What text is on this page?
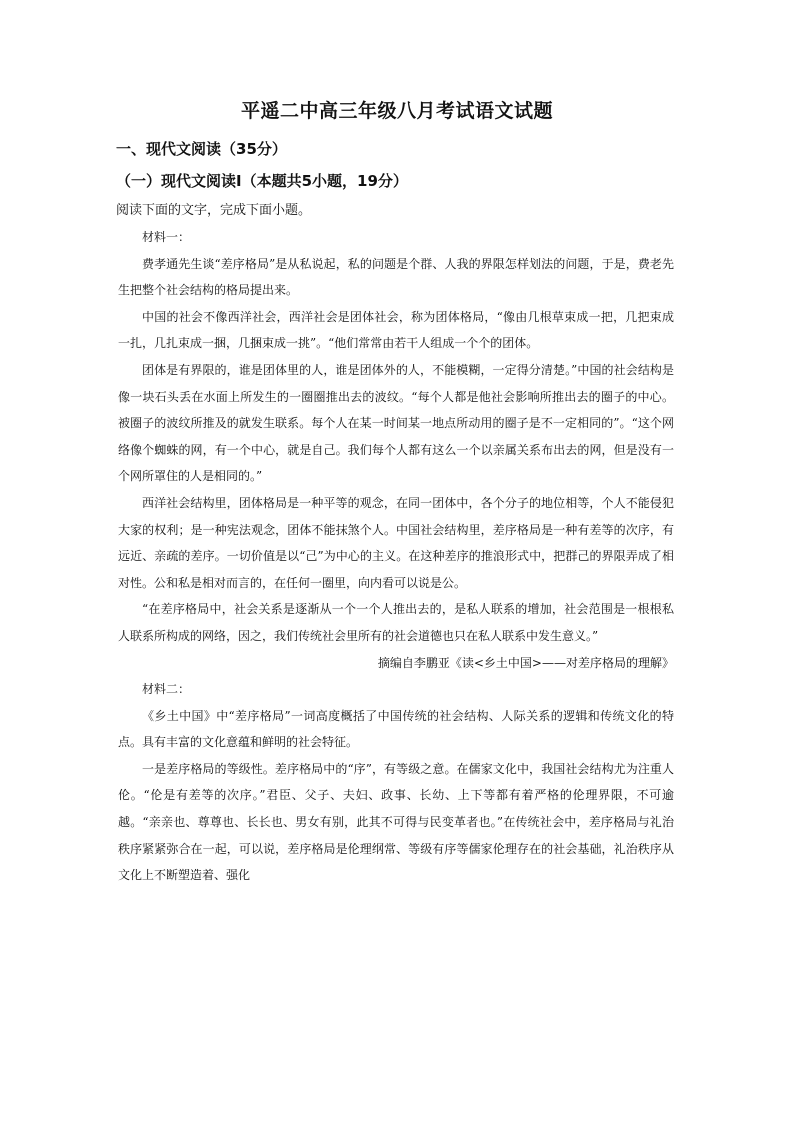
平遥二中高三年级八月考试语文试题
一、现代文阅读（35分）
（一）现代文阅读Ⅰ（本题共5小题，19分）
阅读下面的文字，完成下面小题。

材料一：

费孝通先生谈“差序格局”是从私说起，私的问题是个群、人我的界限怎样划法的问题，于是，费老先生把整个社会结构的格局提出来。

中国的社会不像西洋社会，西洋社会是团体社会，称为团体格局，“像由几根草束成一把，几把束成一扎，几扎束成一捆，几捆束成一挑”。“他们常常由若干人组成一个个的团体。

团体是有界限的，谁是团体里的人，谁是团体外的人，不能模糊，一定得分清楚。”中国的社会结构是像一块石头丢在水面上所发生的一圈圈推出去的波纹。“每个人都是他社会影响所推出去的圈子的中心。被圈子的波纹所推及的就发生联系。每个人在某一时间某一地点所动用的圈子是不一定相同的”。“这个网络像个蜘蛛的网，有一个中心，就是自己。我们每个人都有这么一个以亲属关系布出去的网，但是没有一个网所罩住的人是相同的。”

西洋社会结构里，团体格局是一种平等的观念，在同一团体中，各个分子的地位相等，个人不能侵犯大家的权利；是一种宪法观念，团体不能抹煞个人。中国社会结构里，差序格局是一种有差等的次序，有远近、亲疏的差序。一切价值是以“己”为中心的主义。在这种差序的推浪形式中，把群己的界限弄成了相对性。公和私是相对而言的，在任何一圈里，向内看可以说是公。

“在差序格局中，社会关系是逐渐从一个一个人推出去的，是私人联系的增加，社会范围是一根根私人联系所构成的网络，因之，我们传统社会里所有的社会道德也只在私人联系中发生意义。”

摘编自李鹏亚《读<乡土中国>——对差序格局的理解》

材料二：

《乡土中国》中“差序格局”一词高度概括了中国传统的社会结构、人际关系的逻辑和传统文化的特点。具有丰富的文化意蕴和鲜明的社会特征。

一是差序格局的等级性。差序格局中的“序”，有等级之意。在儒家文化中，我国社会结构尤为注重人伦。“伦是有差等的次序。”君臣、父子、夫妇、政事、长幼、上下等都有着严格的伦理界限，不可逾越。“亲亲也、尊尊也、长长也、男女有别，此其不可得与民变革者也。”在传统社会中，差序格局与礼治秩序紧紧弥合在一起，可以说，差序格局是伦理纲常、等级有序等儒家伦理存在的社会基础，礼治秩序从文化上不断塑造着、强化
